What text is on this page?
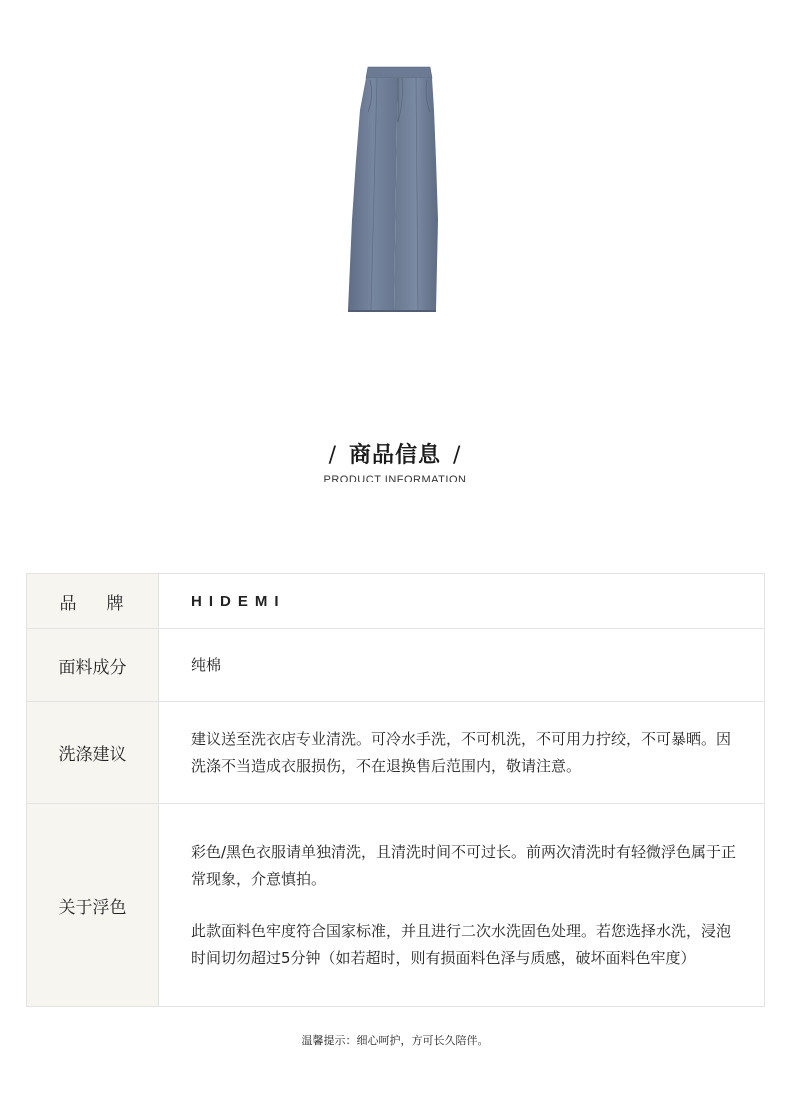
/ 商品信息 /
PRODUCT INFORMATION
品牌	HIDEMI
面料成分	纯棉
洗涤建议	建议送至洗衣店专业清洗。可冷水手洗，不可机洗，不可用力拧绞，不可暴晒。因洗涤不当造成衣服损伤，不在退换售后范围内，敬请注意。
关于浮色	彩色/黑色衣服请单独清洗，且清洗时间不可过长。前两次清洗时有轻微浮色属于正常现象，介意慎拍。

此款面料色牢度符合国家标准，并且进行二次水洗固色处理。若您选择水洗，浸泡时间切勿超过5分钟（如若超时，则有损面料色泽与质感，破坏面料色牢度）

温馨提示：细心呵护，方可长久陪伴。
